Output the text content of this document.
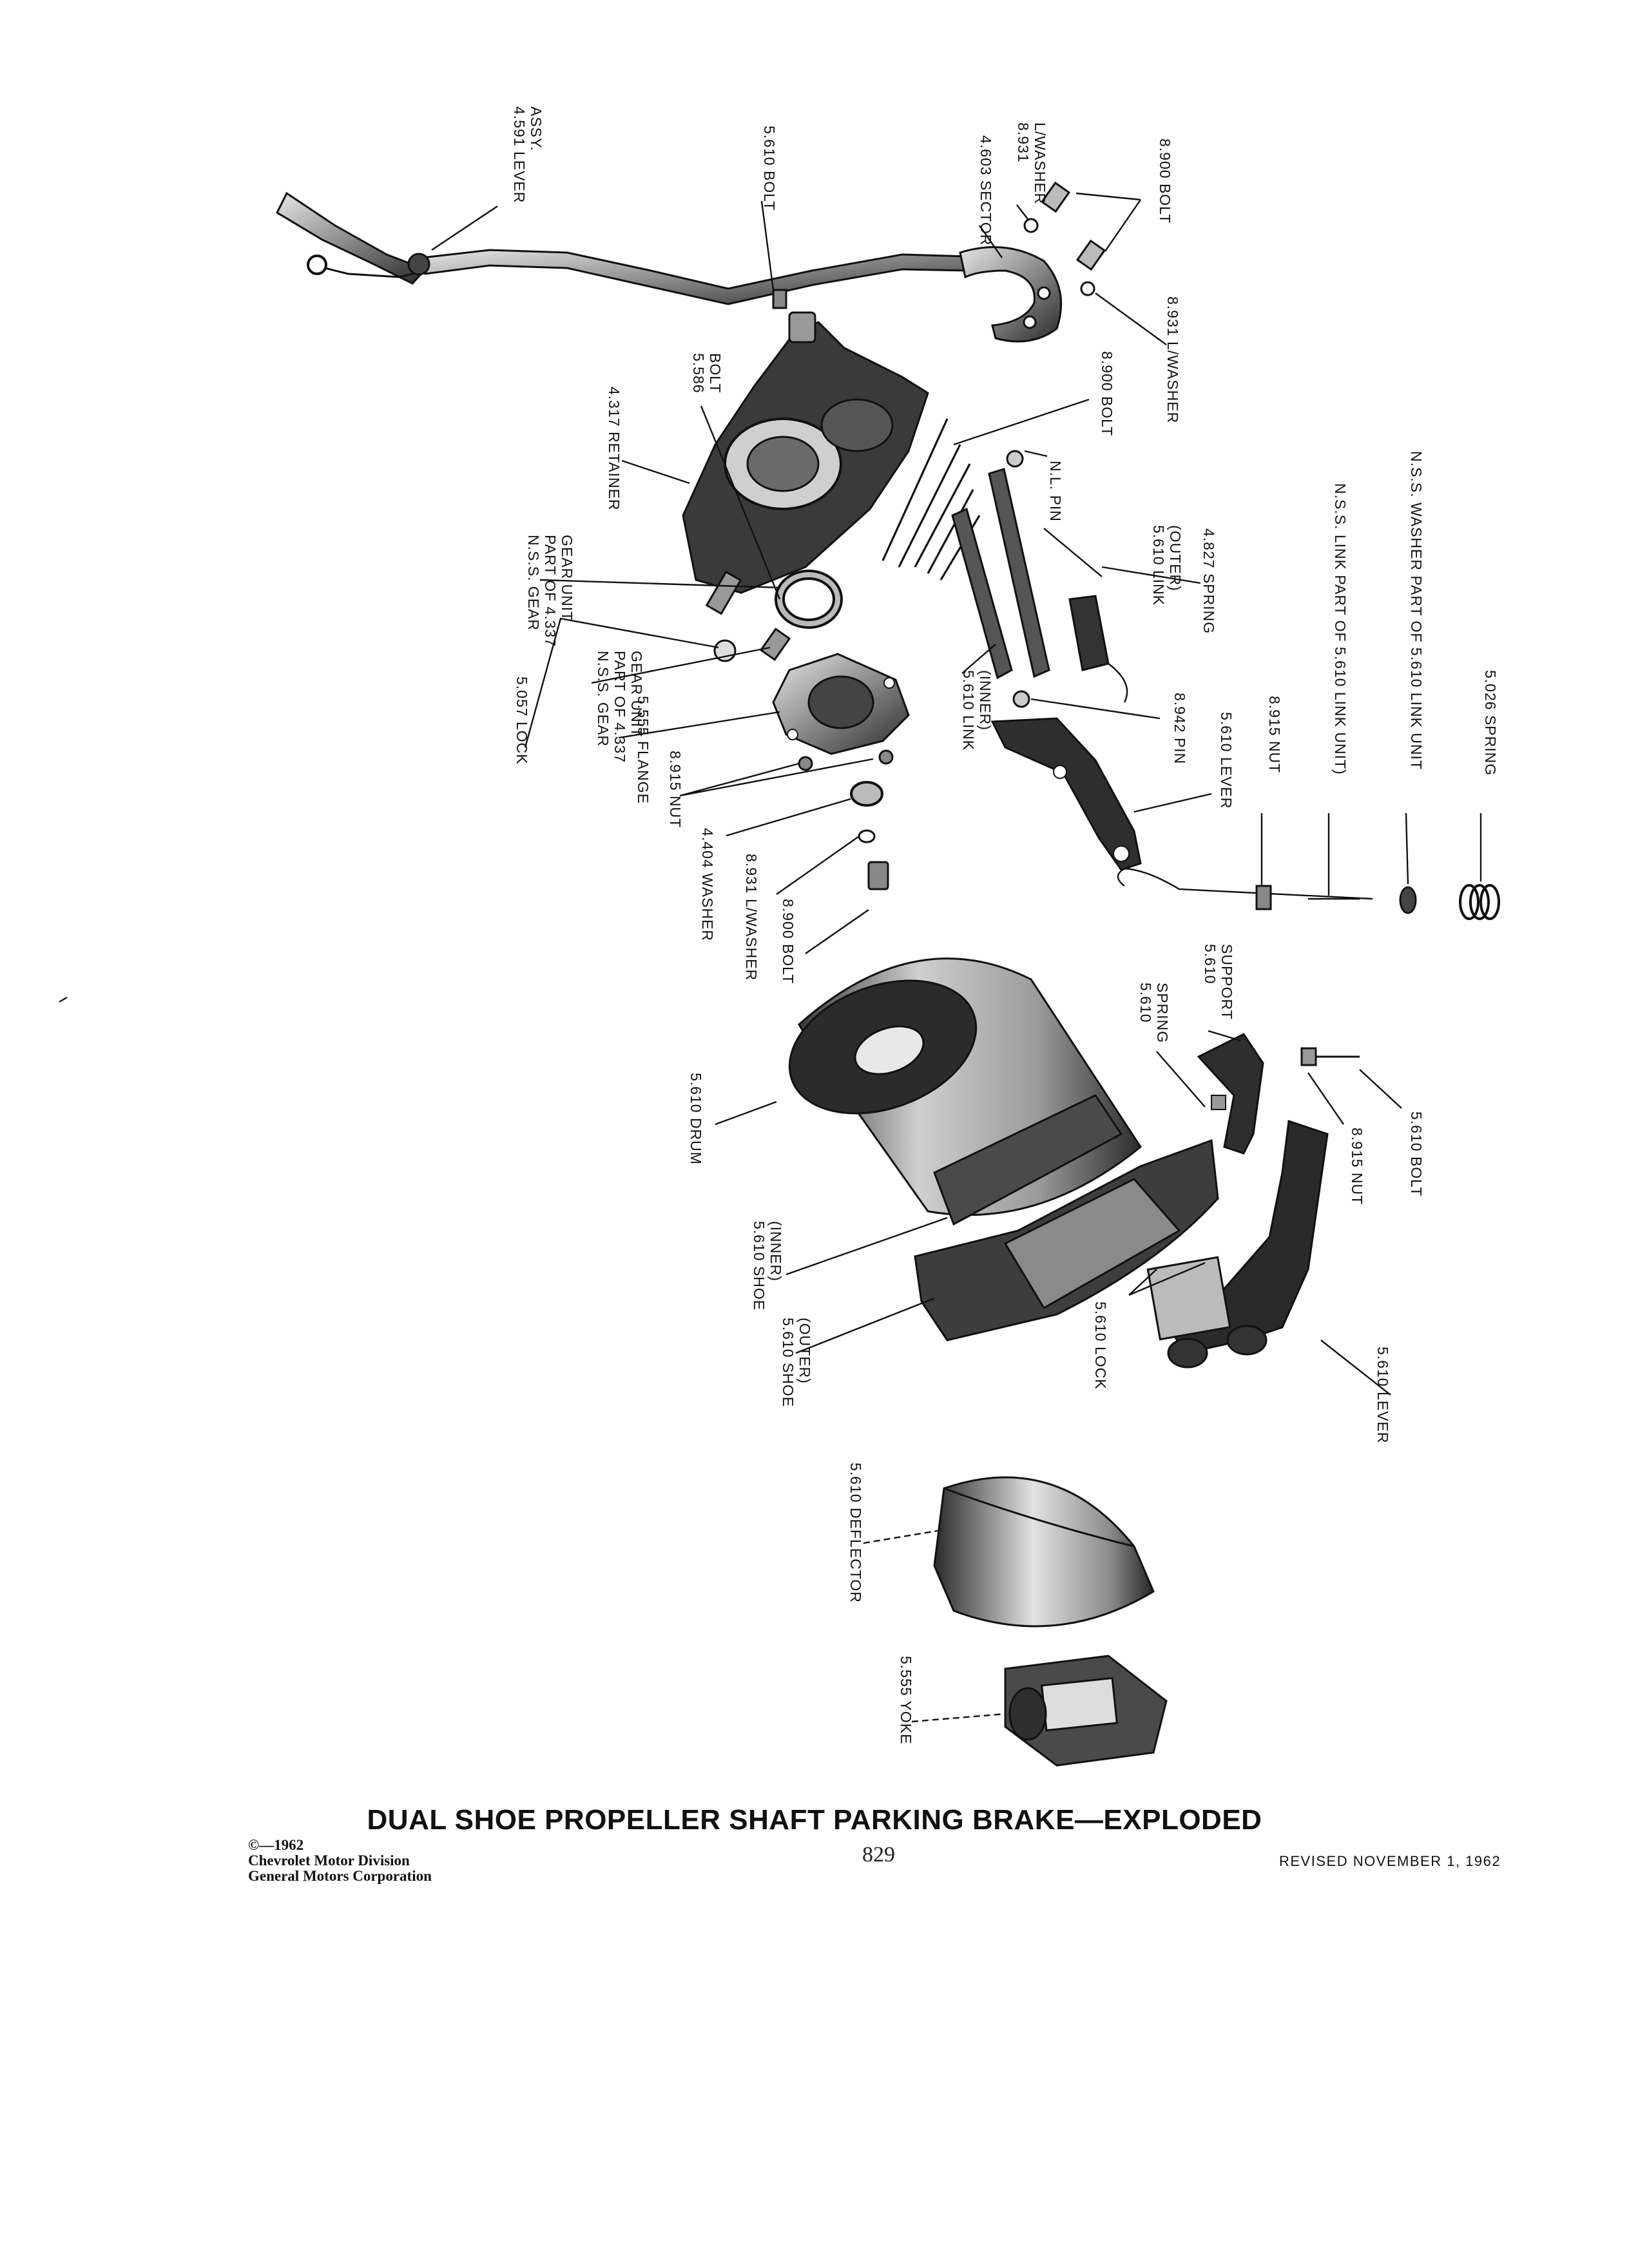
4.591 LEVERASSY.	5.610 BOLT	4.603 SECTOR 8.931L/WASHER	8.900 BOLT
8.931 L/WASHER
5.586BOLT
4.317 RETAINER	8.900 BOLT
N.L. PIN
5.610 LINK(OUTER) 4.827 SPRING
N.S.S. GEARPART OF 4.337GEAR UNIT
5.057 LOCK	N.S.S. GEARPART OF 4.337GEAR UNIT
5.555 FLANGE 8.915 NUT
5.610 LINK(INNER)	8.942 PIN 5.610 LEVER 8.915 NUT	N.S.S. LINK PART OF 5.610 LINK UNIT)	N.S.S. WASHER PART OF 5.610 LINK UNIT	5.026 SPRING
4.404 WASHER 8.931 L/WASHER 8.900 BOLT
5.610 DRUM
5.610SPRING
5.610SUPPORT
8.915 NUT	5.610 BOLT
5.610 SHOE(INNER)
5.610 SHOE(OUTER)	5.610 LOCK
5.610 LEVER
5.610 DEFLECTOR
5.555 YOKE
DUAL SHOE PROPELLER SHAFT PARKING BRAKE—EXPLODED
©—1962
Chevrolet Motor Division
General Motors Corporation
829	REVISED NOVEMBER 1, 1962
